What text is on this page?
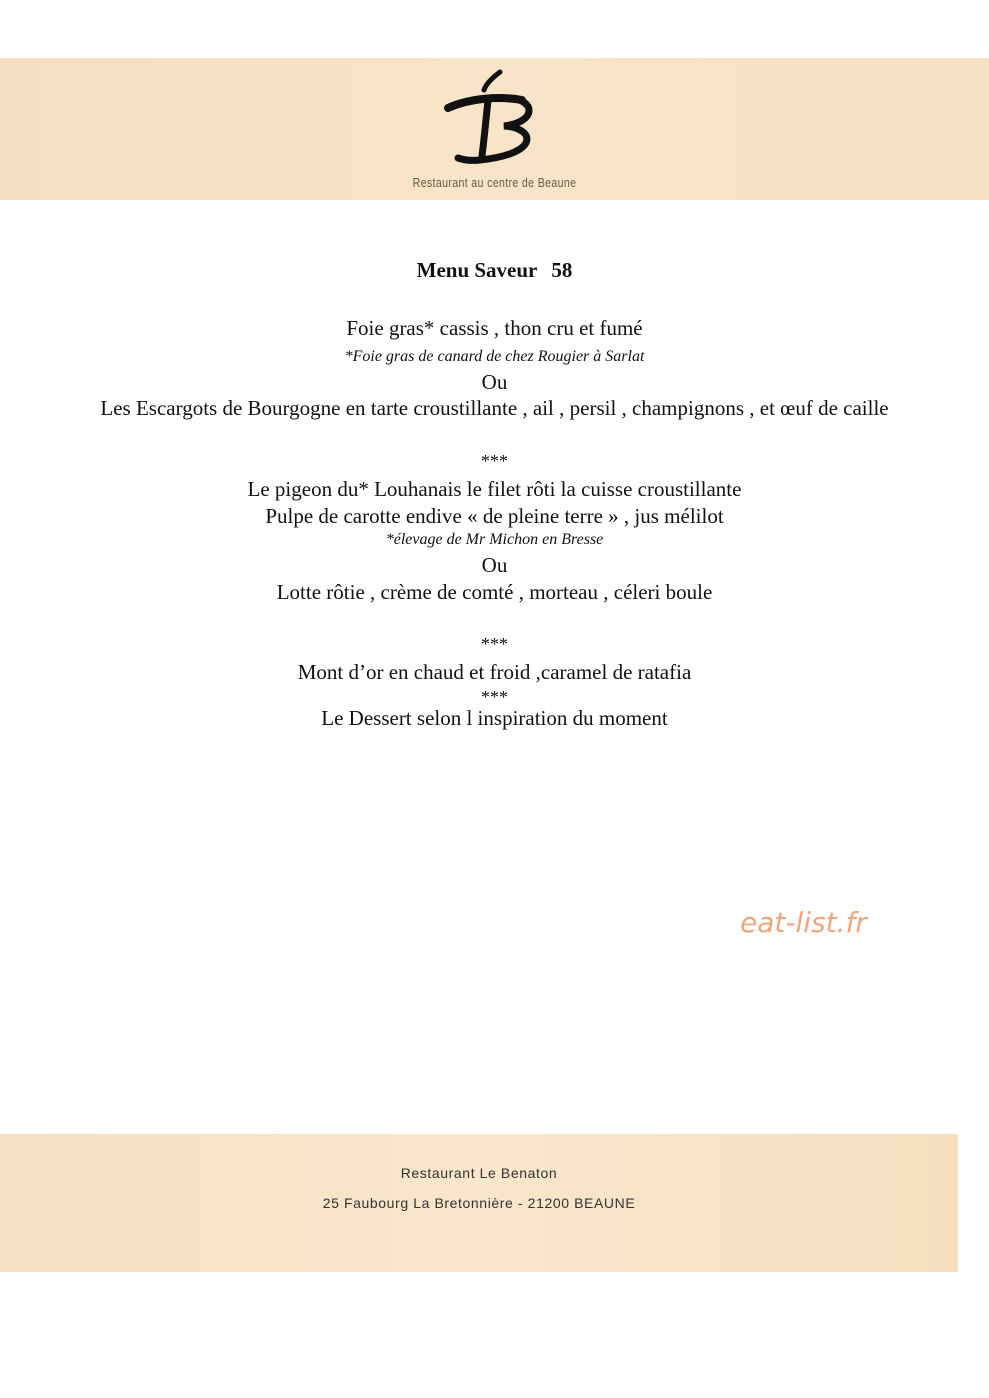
Restaurant au centre de Beaune
Menu Saveur 58
Foie gras* cassis , thon cru et fumé
*Foie gras de canard de chez Rougier à Sarlat
Ou
Les Escargots de Bourgogne en tarte croustillante , ail , persil , champignons , et œuf de caille
***
Le pigeon du* Louhanais le filet rôti la cuisse croustillante
Pulpe de carotte endive « de pleine terre » , jus mélilot
*élevage de Mr Michon en Bresse
Ou
Lotte rôtie , crème de comté , morteau , céleri boule
***
Mont d’or en chaud et froid ,caramel de ratafia
***
Le Dessert selon l inspiration du moment
eat-list.fr
Restaurant Le Benaton
25 Faubourg La Bretonnière - 21200 BEAUNE
